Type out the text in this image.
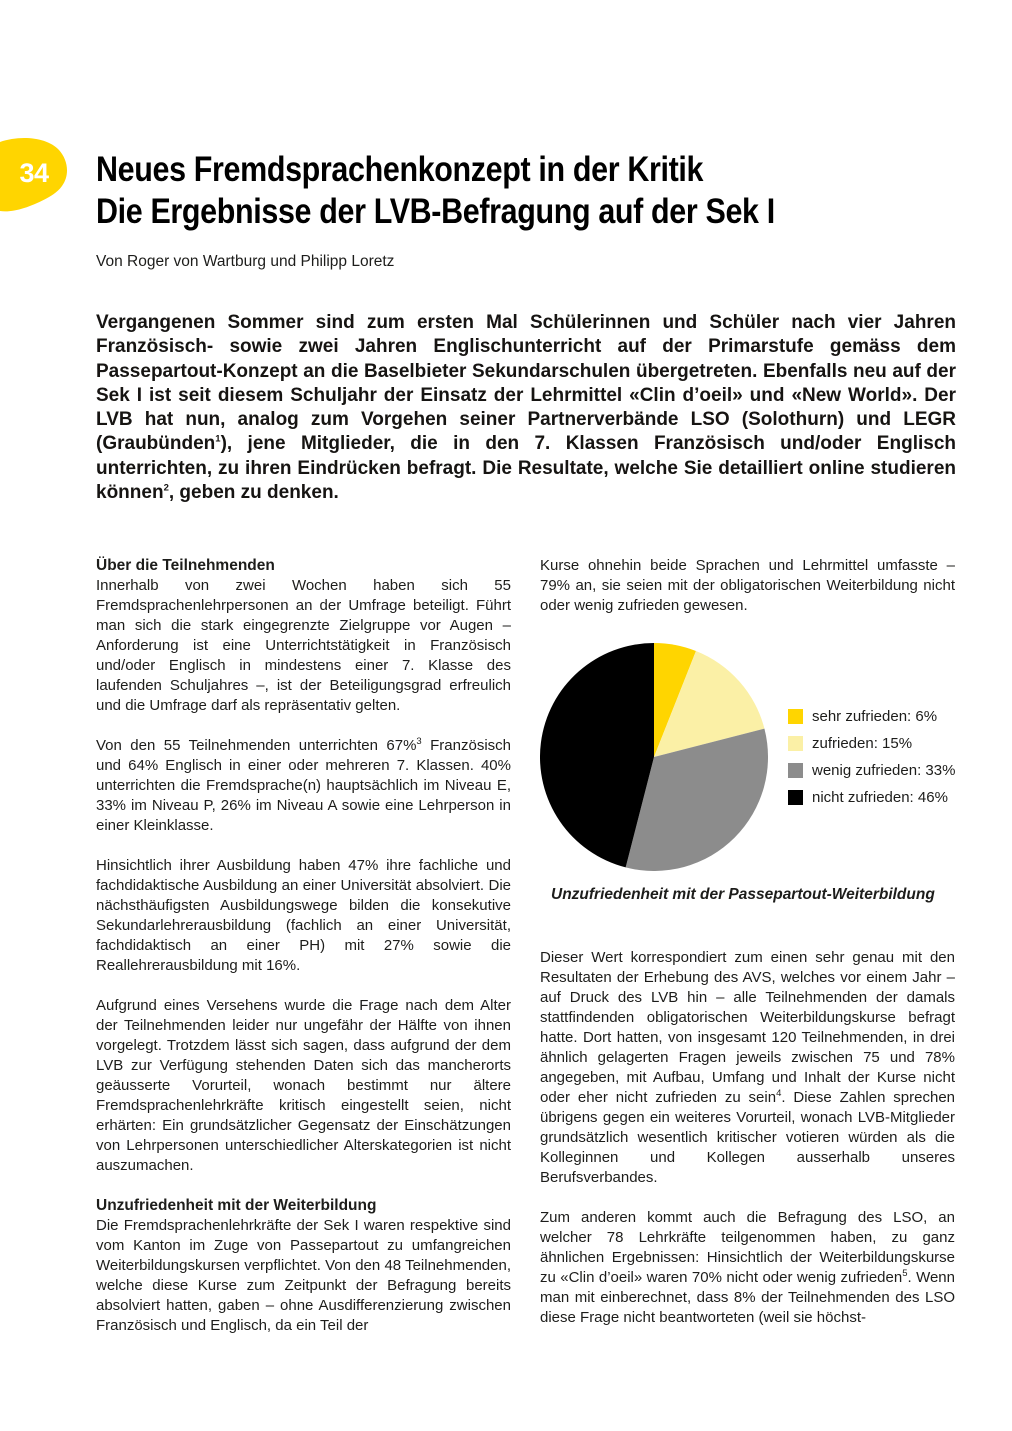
34 Neues Fremdsprachenkonzept in der Kritik
Die Ergebnisse der LVB-Befragung auf der Sek I
Von Roger von Wartburg und Philipp Loretz

Vergangenen Sommer sind zum ersten Mal Schülerinnen und Schüler nach vier Jahren Französisch- sowie zwei Jahren Englischunterricht auf der Primarstufe gemäss dem Passepartout-Konzept an die Baselbieter Sekundarschulen übergetreten. Ebenfalls neu auf der Sek I ist seit diesem Schuljahr der Einsatz der Lehrmittel «Clin d’oeil» und «New World». Der LVB hat nun, analog zum Vorgehen seiner Partnerverbände LSO (Solothurn) und LEGR (Graubünden$^1$), jene Mitglieder, die in den 7. Klassen Französisch und/oder Englisch unterrichten, zu ihren Eindrücken befragt. Die Resultate, welche Sie detailliert online studieren können$^2$, geben zu denken.

Über die Teilnehmenden

Innerhalb von zwei Wochen haben sich 55 Fremdsprachenlehrpersonen an der Umfrage beteiligt. Führt man sich die stark eingegrenzte Zielgruppe vor Augen – Anforderung ist eine Unterrichtstätigkeit in Französisch und/oder Englisch in mindestens einer 7. Klasse des laufenden Schuljahres –, ist der Beteiligungsgrad erfreulich und die Umfrage darf als repräsentativ gelten.

Von den 55 Teilnehmenden unterrichten 67%$^3$ Französisch und 64% Englisch in einer oder mehreren 7. Klassen. 40% unterrichten die Fremdsprache(n) hauptsächlich im Niveau E, 33% im Niveau P, 26% im Niveau A sowie eine Lehrperson in einer Kleinklasse.

Hinsichtlich ihrer Ausbildung haben 47% ihre fachliche und fachdidaktische Ausbildung an einer Universität absolviert. Die nächsthäufigsten Ausbildungswege bilden die konsekutive Sekundarlehrerausbildung (fachlich an einer Universität, fachdidaktisch an einer PH) mit 27% sowie die Reallehrerausbildung mit 16%.

Aufgrund eines Versehens wurde die Frage nach dem Alter der Teilnehmenden leider nur ungefähr der Hälfte von ihnen vorgelegt. Trotzdem lässt sich sagen, dass aufgrund der dem LVB zur Verfügung stehenden Daten sich das mancherorts geäusserte Vorurteil, wonach bestimmt nur ältere Fremdsprachenlehrkräfte kritisch eingestellt seien, nicht erhärten: Ein grundsätzlicher Gegensatz der Einschätzungen von Lehrpersonen unterschiedlicher Alterskategorien ist nicht auszumachen.

Unzufriedenheit mit der Weiterbildung

Die Fremdsprachenlehrkräfte der Sek I waren respektive sind vom Kanton im Zuge von Passepartout zu umfangreichen Weiterbildungskursen verpflichtet. Von den 48 Teilnehmenden, welche diese Kurse zum Zeitpunkt der Befragung bereits absolviert hatten, gaben – ohne Ausdifferenzierung zwischen Französisch und Englisch, da ein Teil der

Kurse ohnehin beide Sprachen und Lehrmittel umfasste – 79% an, sie seien mit der obligatorischen Weiterbildung nicht oder wenig zufrieden gewesen.

sehr zufrieden: 6%
zufrieden: 15%
wenig zufrieden: 33%
nicht zufrieden: 46%
Unzufriedenheit mit der Passepartout-Weiterbildung

Dieser Wert korrespondiert zum einen sehr genau mit den Resultaten der Erhebung des AVS, welches vor einem Jahr – auf Druck des LVB hin – alle Teilnehmenden der damals stattfindenden obligatorischen Weiterbildungskurse befragt hatte. Dort hatten, von insgesamt 120 Teilnehmenden, in drei ähnlich gelagerten Fragen jeweils zwischen 75 und 78% angegeben, mit Aufbau, Umfang und Inhalt der Kurse nicht oder eher nicht zufrieden zu sein$^4$. Diese Zahlen sprechen übrigens gegen ein weiteres Vorurteil, wonach LVB-Mitglieder grundsätzlich wesentlich kritischer votieren würden als die Kolleginnen und Kollegen ausserhalb unseres Berufsverbandes.

Zum anderen kommt auch die Befragung des LSO, an welcher 78 Lehrkräfte teilgenommen haben, zu ganz ähnlichen Ergebnissen: Hinsichtlich der Weiterbildungskurse zu «Clin d’oeil» waren 70% nicht oder wenig zufrieden$^5$. Wenn man mit einberechnet, dass 8% der Teilnehmenden des LSO diese Frage nicht beantworteten (weil sie höchst-
